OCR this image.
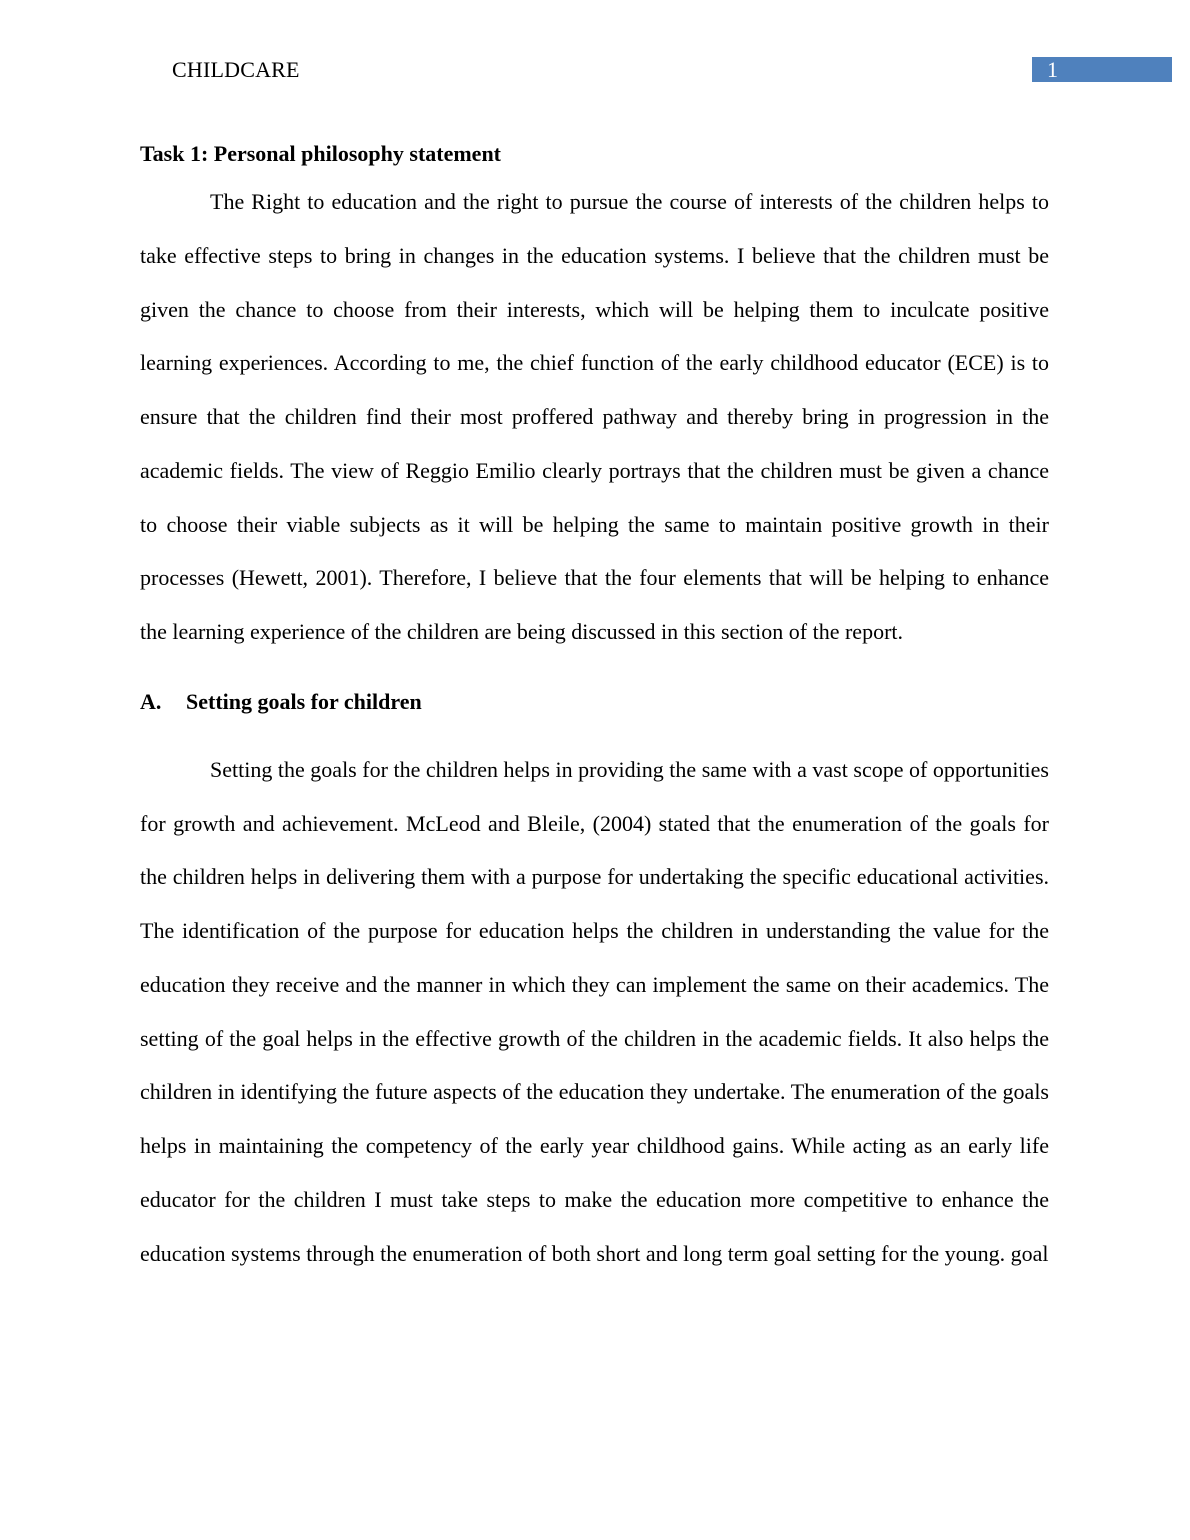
CHILDCARE	1
Task 1: Personal philosophy statement

The Right to education and the right to pursue the course of interests of the children helps to take effective steps to bring in changes in the education systems. I believe that the children must be given the chance to choose from their interests, which will be helping them to inculcate positive learning experiences. According to me, the chief function of the early childhood educator (ECE) is to ensure that the children find their most proffered pathway and thereby bring in progression in the academic fields. The view of Reggio Emilio clearly portrays that the children must be given a chance to choose their viable subjects as it will be helping the same to maintain positive growth in their processes (Hewett, 2001). Therefore, I believe that the four elements that will be helping to enhance the learning experience of the children are being discussed in this section of the report.

A.	Setting goals for children

Setting the goals for the children helps in providing the same with a vast scope of opportunities for growth and achievement. McLeod and Bleile, (2004) stated that the enumeration of the goals for the children helps in delivering them with a purpose for undertaking the specific educational activities. The identification of the purpose for education helps the children in understanding the value for the education they receive and the manner in which they can implement the same on their academics. The setting of the goal helps in the effective growth of the children in the academic fields. It also helps the children in identifying the future aspects of the education they undertake. The enumeration of the goals helps in maintaining the competency of the early year childhood gains. While acting as an early life educator for the children I must take steps to make the education more competitive to enhance the education systems through the enumeration of both short and long term goal setting for the young. goal
